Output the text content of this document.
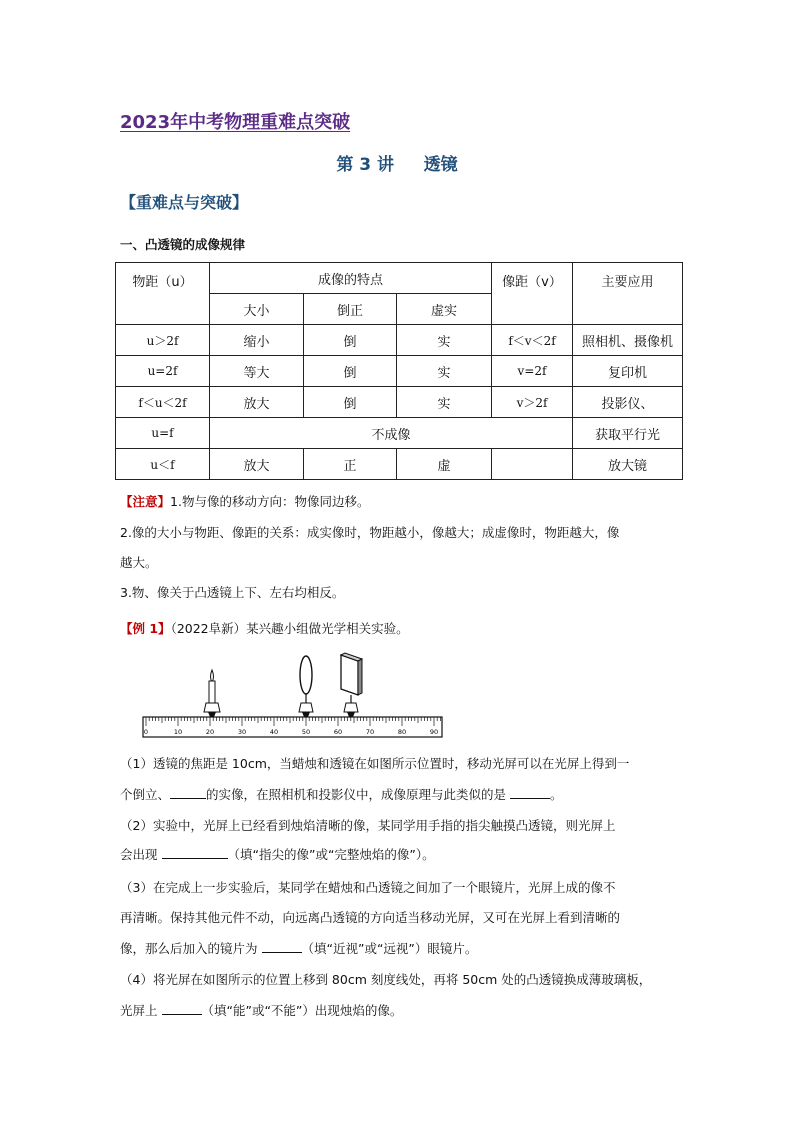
2023年中考物理重难点突破
第 3 讲     透镜
【重难点与突破】
一、凸透镜的成像规律
物距（u）	成像的特点			像距（v）	主要应用
	大小	倒正	虚实		
u＞2f	缩小	倒	实	f＜v＜2f	照相机、摄像机
u=2f	等大	倒	实	v=2f	复印机
f＜u＜2f	放大	倒	实	v＞2f	投影仪、
u=f	不成像				获取平行光
u＜f	放大	正	虚		放大镜
【注意】1.物与像的移动方向：物像同边移。
2.像的大小与物距、像距的关系：成实像时，物距越小，像越大；成虚像时，物距越大，像
越大。
3.物、像关于凸透镜上下、左右均相反。
【例 1】（2022阜新）某兴趣小组做光学相关实验。
0	10	20	30	40	50	60	70	80	90
（1）透镜的焦距是 10cm，当蜡烛和透镜在如图所示位置时，移动光屏可以在光屏上得到一
个倒立、	的实像，在照相机和投影仪中，成像原理与此类似的是	。
（2）实验中，光屏上已经看到烛焰清晰的像，某同学用手指的指尖触摸凸透镜，则光屏上
会出现	（填“指尖的像”或“完整烛焰的像”）。
（3）在完成上一步实验后，某同学在蜡烛和凸透镜之间加了一个眼镜片，光屏上成的像不
再清晰。保持其他元件不动，向远离凸透镜的方向适当移动光屏，又可在光屏上看到清晰的
像，那么后加入的镜片为	（填“近视”或“远视”）眼镜片。
（4）将光屏在如图所示的位置上移到 80cm 刻度线处，再将 50cm 处的凸透镜换成薄玻璃板，
光屏上	（填“能”或“不能”）出现烛焰的像。
